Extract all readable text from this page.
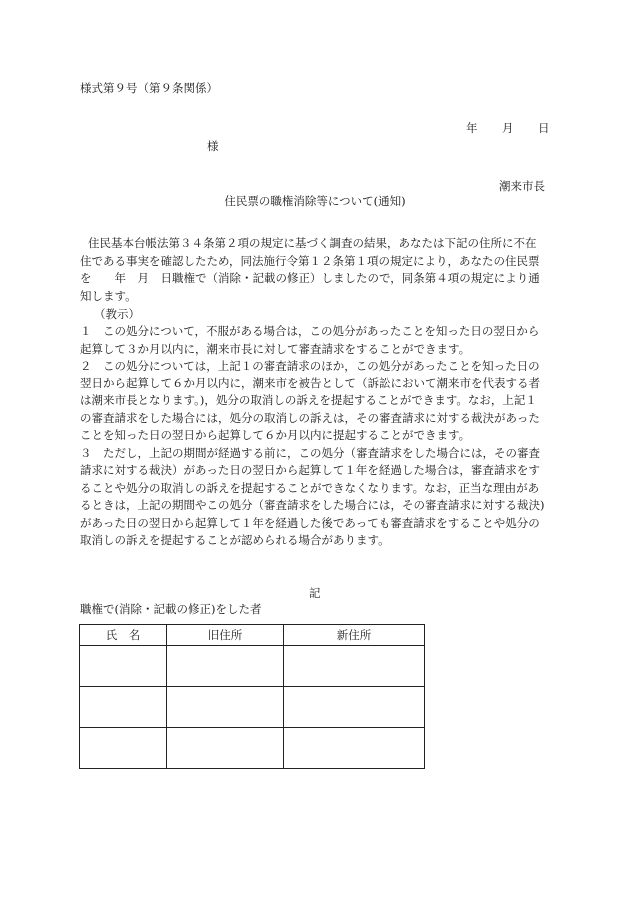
様式第９号（第９条関係）
年 月 日
様
潮来市長
住民票の職権消除等について(通知)
住民基本台帳法第３４条第２項の規定に基づく調査の結果，あなたは下記の住所に不在
住である事実を確認したため，同法施行令第１２条第１項の規定により，あなたの住民票
を　　年　月　日職権で（消除・記載の修正）しましたので，同条第４項の規定により通
知します。
（教示）
１　この処分について，不服がある場合は，この処分があったことを知った日の翌日から
起算して３か月以内に，潮来市長に対して審査請求をすることができます。
２　この処分については，上記１の審査請求のほか，この処分があったことを知った日の
翌日から起算して６か月以内に，潮来市を被告として（訴訟において潮来市を代表する者
は潮来市長となります。)，処分の取消しの訴えを提起することができます。なお，上記１
の審査請求をした場合には，処分の取消しの訴えは，その審査請求に対する裁決があった
ことを知った日の翌日から起算して６か月以内に提起することができます。
３　ただし，上記の期間が経過する前に，この処分（審査請求をした場合には，その審査
請求に対する裁決）があった日の翌日から起算して１年を経過した場合は，審査請求をす
ることや処分の取消しの訴えを提起することができなくなります。なお，正当な理由があ
るときは，上記の期間やこの処分（審査請求をした場合には，その審査請求に対する裁決)
があった日の翌日から起算して１年を経過した後であっても審査請求をすることや処分の
取消しの訴えを提起することが認められる場合があります。
記
職権で(消除・記載の修正)をした者
氏　名	旧住所	新住所
